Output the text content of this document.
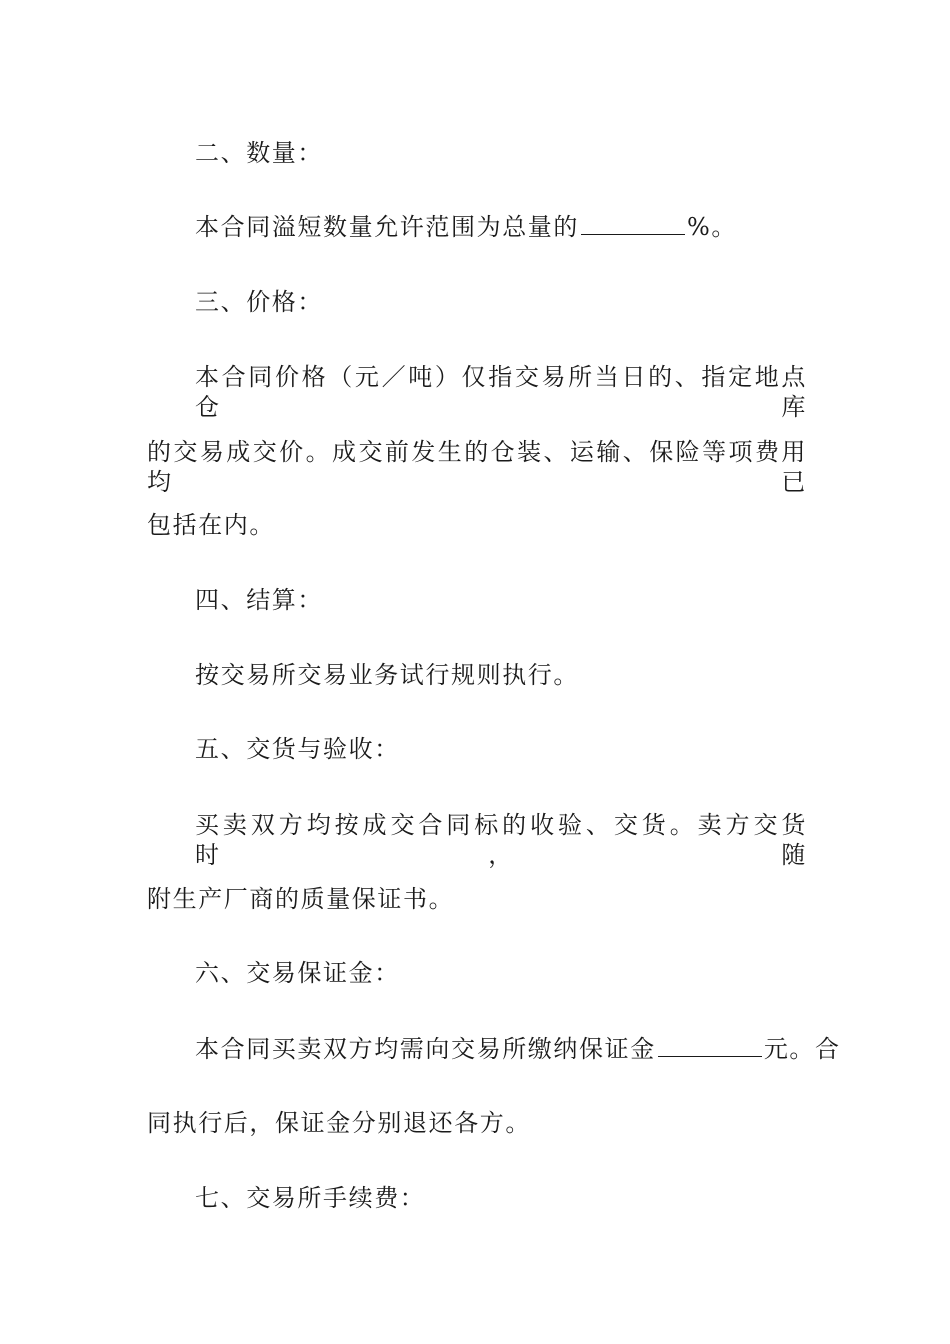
二、数量：
本合同溢短数量允许范围为总量的	%。
三、价格：
本合同价格（元／吨）仅指交易所当日的、指定地点仓库
的交易成交价。成交前发生的仓装、运输、保险等项费用均已
包括在内。
四、结算：
按交易所交易业务试行规则执行。
五、交货与验收：
买卖双方均按成交合同标的收验、交货。卖方交货时，随
附生产厂商的质量保证书。
六、交易保证金：
本合同买卖双方均需向交易所缴纳保证金	元。合
同执行后，保证金分别退还各方。
七、交易所手续费：
